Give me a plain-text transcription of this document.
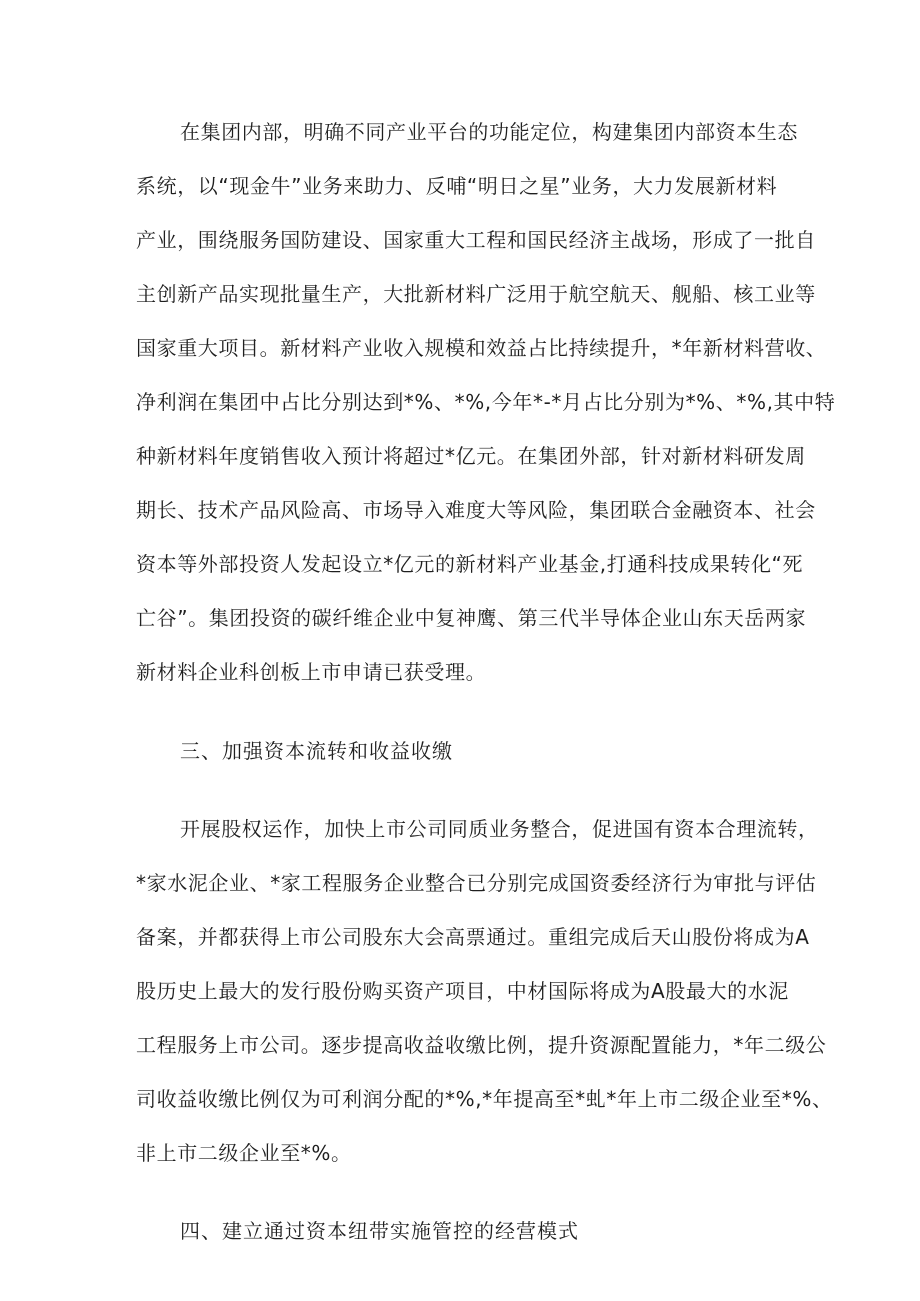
在集团内部，明确不同产业平台的功能定位，构建集团内部资本生态
系统，以“现金牛”业务来助力、反哺“明日之星”业务，大力发展新材料
产业，围绕服务国防建设、国家重大工程和国民经济主战场，形成了一批自
主创新产品实现批量生产，大批新材料广泛用于航空航天、舰船、核工业等
国家重大项目。新材料产业收入规模和效益占比持续提升，*年新材料营收、
净利润在集团中占比分别达到*%、*%,今年*-*月占比分别为*%、*%,其中特
种新材料年度销售收入预计将超过*亿元。在集团外部，针对新材料研发周
期长、技术产品风险高、市场导入难度大等风险，集团联合金融资本、社会
资本等外部投资人发起设立*亿元的新材料产业基金,打通科技成果转化“死
亡谷”。集团投资的碳纤维企业中复神鹰、第三代半导体企业山东天岳两家
新材料企业科创板上市申请已获受理。
三、加强资本流转和收益收缴
开展股权运作，加快上市公司同质业务整合，促进国有资本合理流转，
*家水泥企业、*家工程服务企业整合已分别完成国资委经济行为审批与评估
备案，并都获得上市公司股东大会高票通过。重组完成后天山股份将成为A
股历史上最大的发行股份购买资产项目，中材国际将成为A股最大的水泥
工程服务上市公司。逐步提高收益收缴比例，提升资源配置能力，*年二级公
司收益收缴比例仅为可利润分配的*%,*年提高至*虬*年上市二级企业至*%、
非上市二级企业至*%。
四、建立通过资本纽带实施管控的经营模式
